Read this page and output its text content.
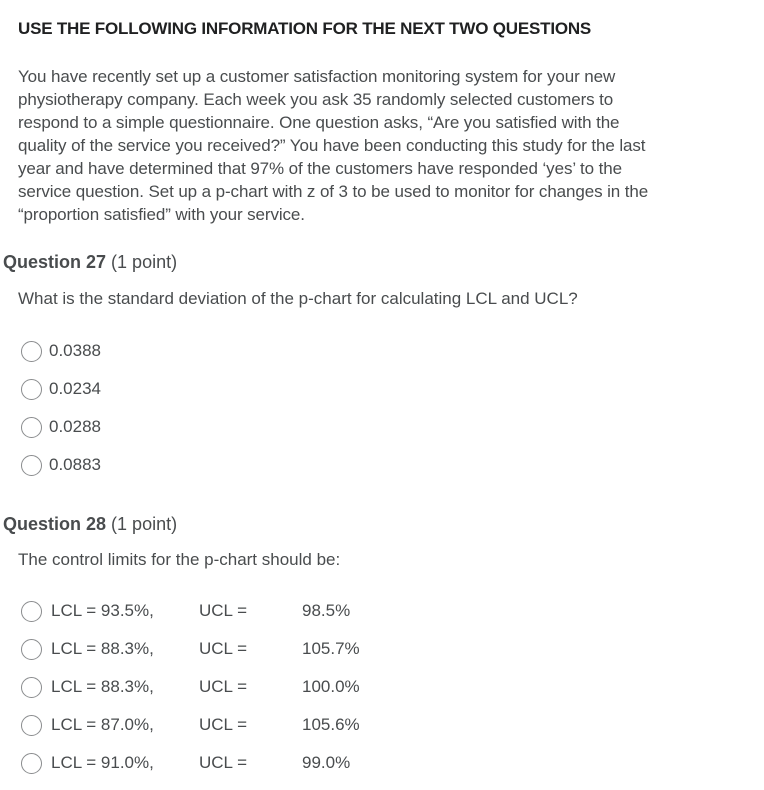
USE THE FOLLOWING INFORMATION FOR THE NEXT TWO QUESTIONS
You have recently set up a customer satisfaction monitoring system for your new
physiotherapy company. Each week you ask 35 randomly selected customers to
respond to a simple questionnaire. One question asks, “Are you satisfied with the
quality of the service you received?” You have been conducting this study for the last
year and have determined that 97% of the customers have responded ‘yes’ to the
service question. Set up a p-chart with z of 3 to be used to monitor for changes in the
“proportion satisfied” with your service.
Question 27 (1 point)
What is the standard deviation of the p-chart for calculating LCL and UCL?
0.0388
0.0234
0.0288
0.0883
Question 28 (1 point)
The control limits for the p-chart should be:
LCL = 93.5%,	UCL =	98.5%
LCL = 88.3%,	UCL =	105.7%
LCL = 88.3%,	UCL =	100.0%
LCL = 87.0%,	UCL =	105.6%
LCL = 91.0%,	UCL =	99.0%
